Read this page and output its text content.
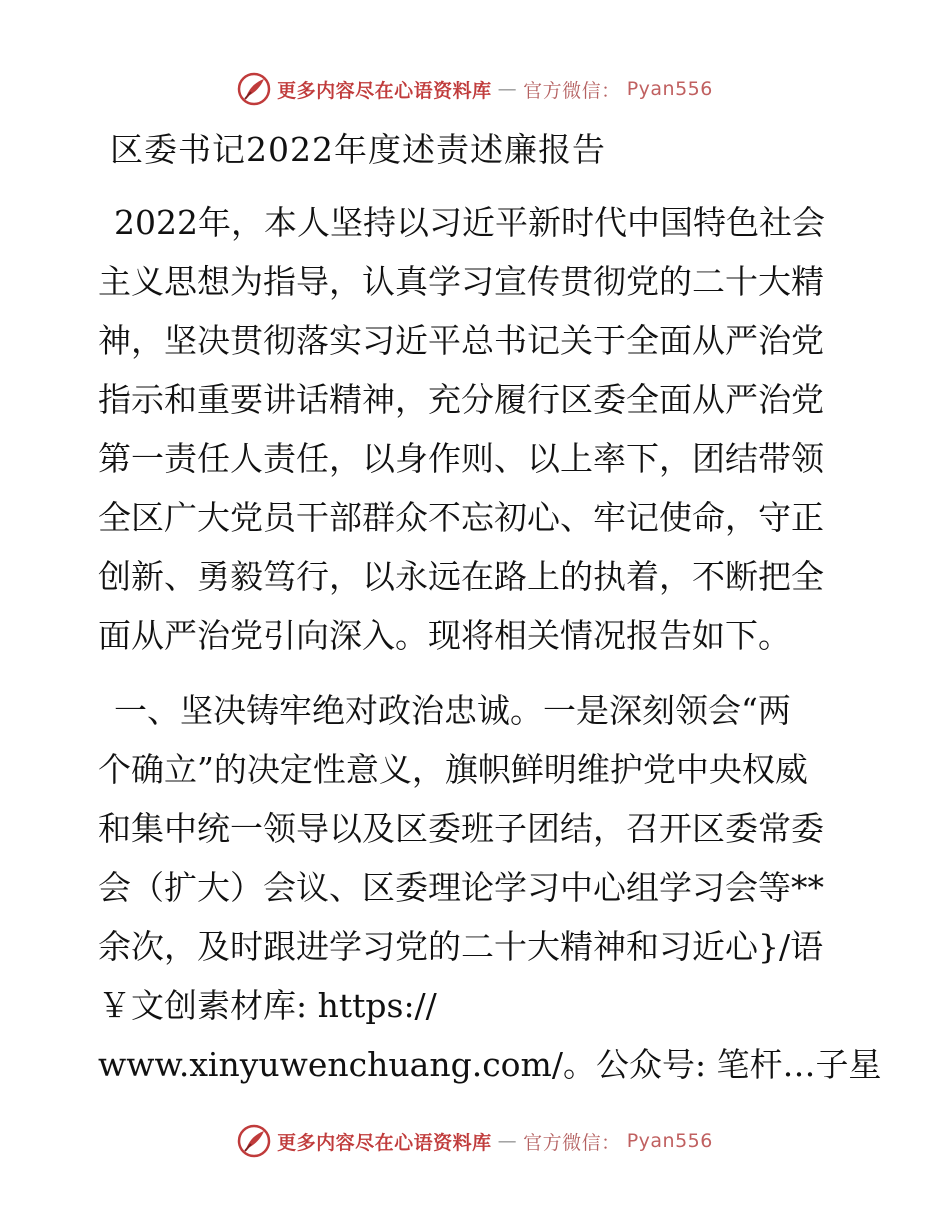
更多内容尽在心语资料库 — 官方微信： Pyan556
区委书记2022年度述责述廉报告

2022年，本人坚持以习近平新时代中国特色社会
主义思想为指导，认真学习宣传贯彻党的二十大精
神，坚决贯彻落实习近平总书记关于全面从严治党
指示和重要讲话精神，充分履行区委全面从严治党
第一责任人责任，以身作则、以上率下，团结带领
全区广大党员干部群众不忘初心、牢记使命，守正
创新、勇毅笃行，以永远在路上的执着，不断把全
面从严治党引向深入。现将相关情况报告如下。

一、坚决铸牢绝对政治忠诚。一是深刻领会“两
个确立”的决定性意义，旗帜鲜明维护党中央权威
和集中统一领导以及区委班子团结，召开区委常委
会（扩大）会议、区委理论学习中心组学习会等**
余次，及时跟进学习党的二十大精神和习近心}/语
￥文创素材库: https://
www.xinyuwenchuang.com/。公众号: 笔杆…子星

更多内容尽在心语资料库 — 官方微信： Pyan556
